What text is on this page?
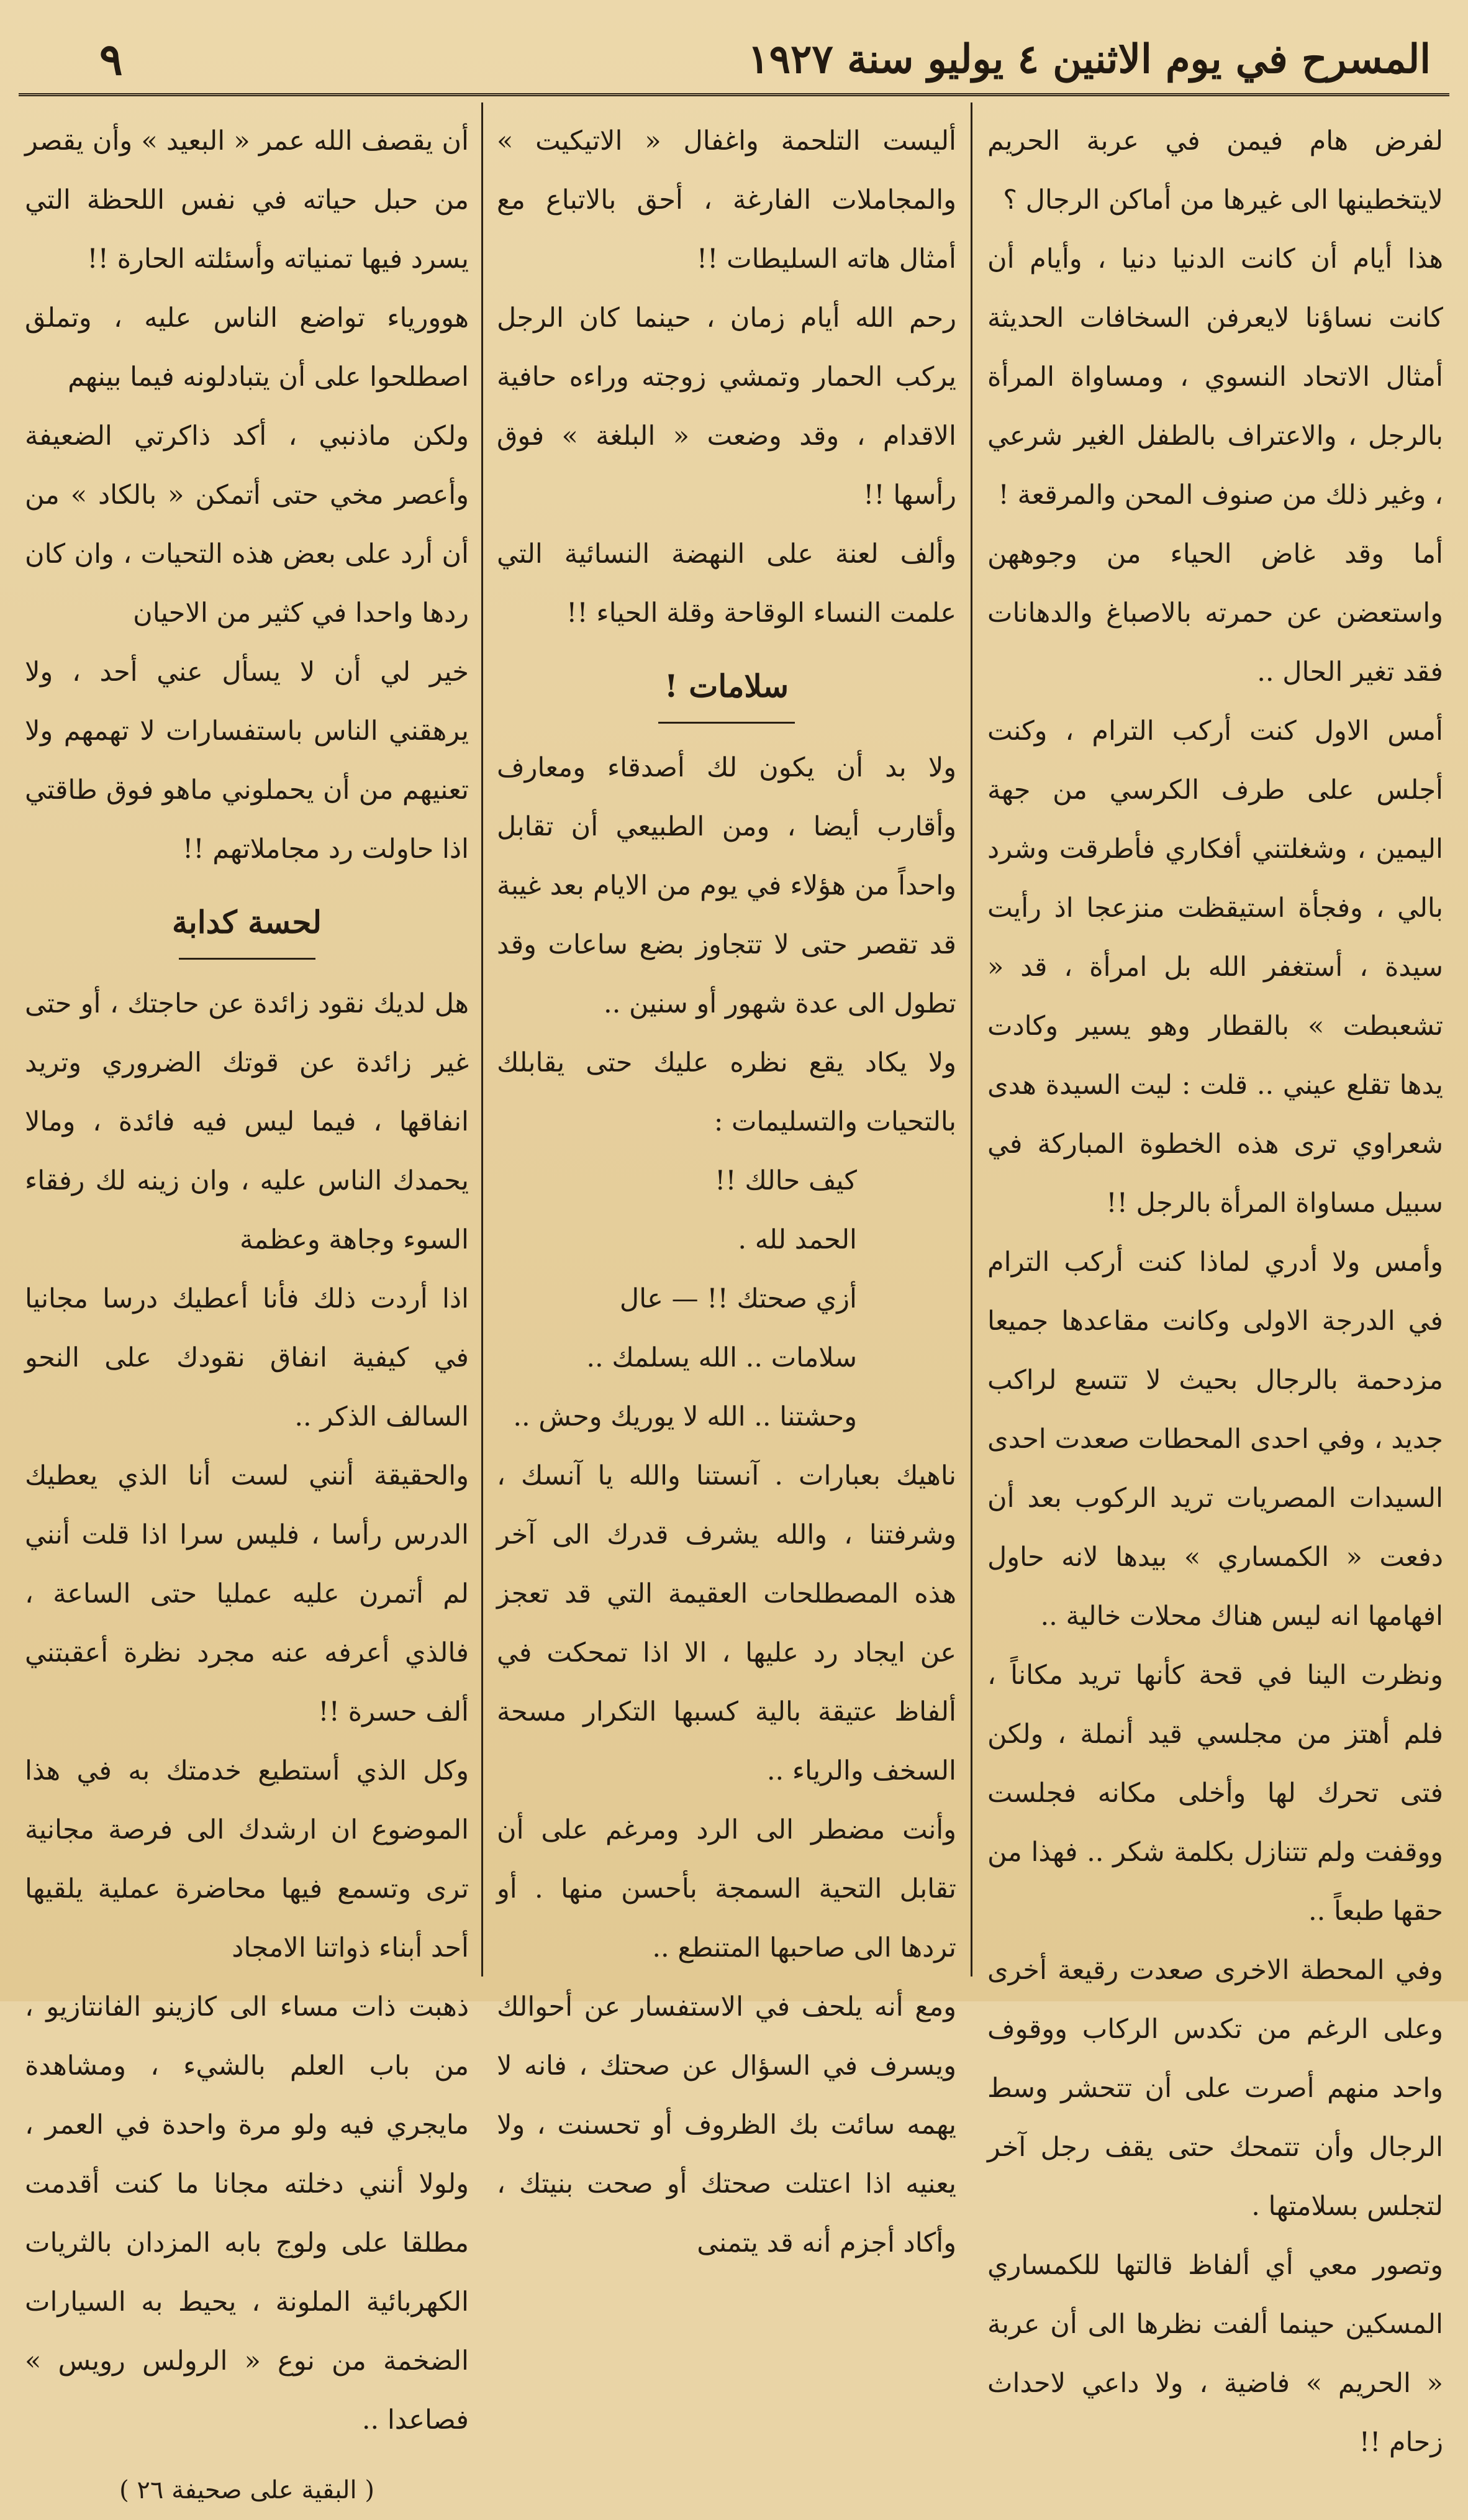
٩	المسرح في يوم الاثنين ٤ يوليو سنة ١٩٢٧

لفرض هام فيمن في عربة الحريم لايتخطينها الى غيرها من أماكن الرجال ؟

هذا أيام أن كانت الدنيا دنيا ، وأيام أن كانت نساؤنا لايعرفن السخافات الحديثة أمثال الاتحاد النسوي ، ومساواة المرأة بالرجل ، والاعتراف بالطفل الغير شرعي ، وغير ذلك من صنوف المحن والمرقعة !

أما وقد غاض الحياء من وجوههن واستعضن عن حمرته بالاصباغ والدهانات فقد تغير الحال ..

أمس الاول كنت أركب الترام ، وكنت أجلس على طرف الكرسي من جهة اليمين ، وشغلتني أفكاري فأطرقت وشرد بالي ، وفجأة استيقظت منزعجا اذ رأيت سيدة ، أستغفر الله بل امرأة ، قد « تشعبطت » بالقطار وهو يسير وكادت يدها تقلع عيني .. قلت : ليت السيدة هدى شعراوي ترى هذه الخطوة المباركة في سبيل مساواة المرأة بالرجل !!

وأمس ولا أدري لماذا كنت أركب الترام في الدرجة الاولى وكانت مقاعدها جميعا مزدحمة بالرجال بحيث لا تتسع لراكب جديد ، وفي احدى المحطات صعدت احدى السيدات المصريات تريد الركوب بعد أن دفعت « الكمساري » بيدها لانه حاول افهامها انه ليس هناك محلات خالية ..

ونظرت الينا في قحة كأنها تريد مكاناً ، فلم أهتز من مجلسي قيد أنملة ، ولكن فتى تحرك لها وأخلى مكانه فجلست ووقفت ولم تتنازل بكلمة شكر .. فهذا من حقها طبعاً ..

وفي المحطة الاخرى صعدت رقيعة أخرى وعلى الرغم من تكدس الركاب ووقوف واحد منهم أصرت على أن تتحشر وسط الرجال وأن تتمحك حتى يقف رجل آخر لتجلس بسلامتها .

وتصور معي أي ألفاظ قالتها للكمساري المسكين حينما ألفت نظرها الى أن عربة « الحريم » فاضية ، ولا داعي لاحداث زحام !!

أليست التلحمة واغفال « الاتيكيت » والمجاملات الفارغة ، أحق بالاتباع مع أمثال هاته السليطات !!

رحم الله أيام زمان ، حينما كان الرجل يركب الحمار وتمشي زوجته وراءه حافية الاقدام ، وقد وضعت « البلغة » فوق رأسها !!

وألف لعنة على النهضة النسائية التي علمت النساء الوقاحة وقلة الحياء !!

سلامات !

ولا بد أن يكون لك أصدقاء ومعارف وأقارب أيضا ، ومن الطبيعي أن تقابل واحداً من هؤلاء في يوم من الايام بعد غيبة قد تقصر حتى لا تتجاوز بضع ساعات وقد تطول الى عدة شهور أو سنين ..

ولا يكاد يقع نظره عليك حتى يقابلك بالتحيات والتسليمات :

كيف حالك !!

الحمد لله .

أزي صحتك !! — عال

سلامات .. الله يسلمك ..

وحشتنا .. الله لا يوريك وحش ..

ناهيك بعبارات . آنستنا والله يا آنسك ، وشرفتنا ، والله يشرف قدرك الى آخر هذه المصطلحات العقيمة التي قد تعجز عن ايجاد رد عليها ، الا اذا تمحكت في ألفاظ عتيقة بالية كسبها التكرار مسحة السخف والرياء ..

وأنت مضطر الى الرد ومرغم على أن تقابل التحية السمجة بأحسن منها . أو تردها الى صاحبها المتنطع ..

ومع أنه يلحف في الاستفسار عن أحوالك ويسرف في السؤال عن صحتك ، فانه لا يهمه سائت بك الظروف أو تحسنت ، ولا يعنيه اذا اعتلت صحتك أو صحت بنيتك ، وأكاد أجزم أنه قد يتمنى

أن يقصف الله عمر « البعيد » وأن يقصر من حبل حياته في نفس اللحظة التي يسرد فيها تمنياته وأسئلته الحارة !!

هوورياء تواضع الناس عليه ، وتملق اصطلحوا على أن يتبادلونه فيما بينهم

ولكن ماذنبي ، أكد ذاكرتي الضعيفة وأعصر مخي حتى أتمكن « بالكاد » من أن أرد على بعض هذه التحيات ، وان كان ردها واحدا في كثير من الاحيان

خير لي أن لا يسأل عني أحد ، ولا يرهقني الناس باستفسارات لا تهمهم ولا تعنيهم من أن يحملوني ماهو فوق طاقتي اذا حاولت رد مجاملاتهم !!

لحسة كدابة

هل لديك نقود زائدة عن حاجتك ، أو حتى غير زائدة عن قوتك الضروري وتريد انفاقها ، فيما ليس فيه فائدة ، ومالا يحمدك الناس عليه ، وان زينه لك رفقاء السوء وجاهة وعظمة

اذا أردت ذلك فأنا أعطيك درسا مجانيا في كيفية انفاق نقودك على النحو السالف الذكر ..

والحقيقة أنني لست أنا الذي يعطيك الدرس رأسا ، فليس سرا اذا قلت أنني لم أتمرن عليه عمليا حتى الساعة ، فالذي أعرفه عنه مجرد نظرة أعقبتني ألف حسرة !!

وكل الذي أستطيع خدمتك به في هذا الموضوع ان ارشدك الى فرصة مجانية ترى وتسمع فيها محاضرة عملية يلقيها أحد أبناء ذواتنا الامجاد

ذهبت ذات مساء الى كازينو الفانتازيو ، من باب العلم بالشيء ، ومشاهدة مايجري فيه ولو مرة واحدة في العمر ، ولولا أنني دخلته مجانا ما كنت أقدمت مطلقا على ولوج بابه المزدان بالثريات الكهربائية الملونة ، يحيط به السيارات الضخمة من نوع « الرولس رويس » فصاعدا ..

( البقية على صحيفة ٢٦ )
